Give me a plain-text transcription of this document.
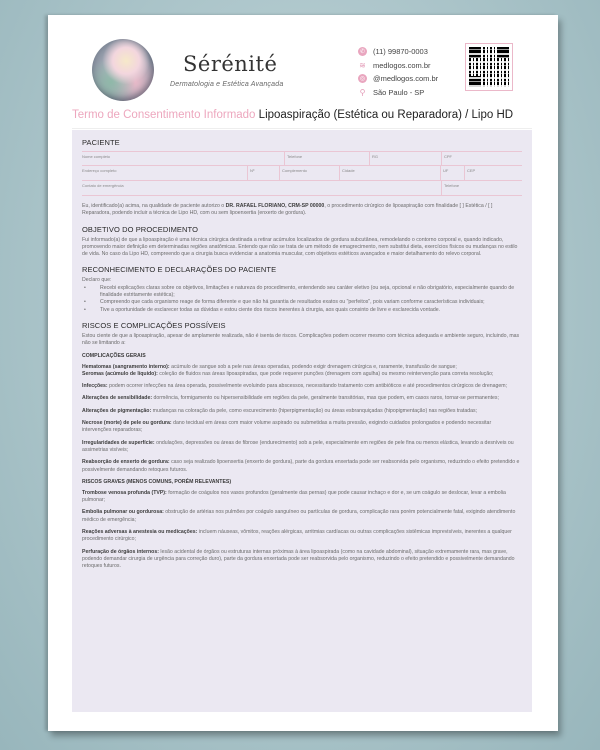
Sérénité
Dermatologia e Estética Avançada
✆ (11) 99870-0003
≋ medlogos.com.br
◎ @medlogos.com.br
⚲ São Paulo - SP
Termo de Consentimento Informado Lipoaspiração (Estética ou Reparadora) / Lipo HD
PACIENTE
Nome completo	Telefone	RG	CPF
Endereço completo	Nº	Complemento	Cidade	UF	CEP
Contato de emergência	Telefone

Eu, identificado(a) acima, na qualidade de paciente autorizo o DR. RAFAEL FLORIANO, CRM-SP 00000, o procedimento cirúrgico de lipoaspiração com finalidade [ ] Estética / [ ] Reparadora, podendo incluir a técnica de Lipo HD, com ou sem lipoenxertia (enxerto de gordura).

OBJETIVO DO PROCEDIMENTO

Fui informado(a) de que a lipoaspiração é uma técnica cirúrgica destinada a retirar acúmulos localizados de gordura subcutânea, remodelando o contorno corporal e, quando indicado, promovendo maior definição em determinadas regiões anatômicas. Entendo que não se trata de um método de emagrecimento, nem substitui dieta, exercícios físicos ou mudanças no estilo de vida. No caso da Lipo HD, compreendo que a cirurgia busca evidenciar a anatomia muscular, com objetivos estéticos avançados e maior detalhamento do relevo corporal.

RECONHECIMENTO E DECLARAÇÕES DO PACIENTE

Declaro que:

• Recebi explicações claras sobre os objetivos, limitações e natureza do procedimento, entendendo seu caráter eletivo (ou seja, opcional e não obrigatório, especialmente quando de finalidade estritamente estética);
• Compreendo que cada organismo reage de forma diferente e que não há garantia de resultados exatos ou "perfeitos", pois variam conforme características individuais;
• Tive a oportunidade de esclarecer todas as dúvidas e estou ciente dos riscos inerentes à cirurgia, aos quais consinto de livre e esclarecida vontade.
RISCOS E COMPLICAÇÕES POSSÍVEIS

Estou ciente de que a lipoaspiração, apesar de amplamente realizada, não é isenta de riscos. Complicações podem ocorrer mesmo com técnica adequada e ambiente seguro, incluindo, mas não se limitando a:

COMPLICAÇÕES GERAIS

Hematomas (sangramento interno): acúmulo de sangue sob a pele nas áreas operadas, podendo exigir drenagem cirúrgica e, raramente, transfusão de sangue;

Seromas (acúmulo de líquido): coleção de fluidos nas áreas lipoaspiradas, que pode requerer punções (drenagem com agulha) ou mesmo reintervenção para correta resolução;

Infecções: podem ocorrer infecções na área operada, possivelmente evoluindo para abscessos, necessitando tratamento com antibióticos e até procedimentos cirúrgicos de drenagem;

Alterações de sensibilidade: dormência, formigamento ou hipersensibilidade em regiões da pele, geralmente transitórias, mas que podem, em casos raros, tornar-se permanentes;

Alterações de pigmentação: mudanças na coloração da pele, como escurecimento (hiperpigmentação) ou áreas esbranquiçadas (hipopigmentação) nas regiões tratadas;

Necrose (morte) de pele ou gordura: dano tecidual em áreas com maior volume aspirado ou submetidas a muita pressão, exigindo cuidados prolongados e podendo necessitar intervenções reparadoras;

Irregularidades de superfície: ondulações, depressões ou áreas de fibrose (endurecimento) sob a pele, especialmente em regiões de pele fina ou menos elástica, levando a desníveis ou assimetrias visíveis;

Reabsorção de enxerto de gordura: caso seja realizado lipoenxertia (enxerto de gordura), parte da gordura enxertada pode ser reabsorvida pelo organismo, reduzindo o efeito pretendido e possivelmente demandando retoques futuros.

RISCOS GRAVES (MENOS COMUNS, PORÉM RELEVANTES)

Trombose venosa profunda (TVP): formação de coágulos nos vasos profundos (geralmente das pernas) que pode causar inchaço e dor e, se um coágulo se deslocar, levar a embolia pulmonar;

Embolia pulmonar ou gordurosa: obstrução de artérias nos pulmões por coágulo sanguíneo ou partículas de gordura, complicação rara porém potencialmente fatal, exigindo atendimento médico de emergência;

Reações adversas à anestesia ou medicações: incluem náuseas, vômitos, reações alérgicas, arritmias cardíacas ou outras complicações sistêmicas imprevisíveis, inerentes a qualquer procedimento cirúrgico;

Perfuração de órgãos internos: lesão acidental de órgãos ou estruturas internas próximas à área lipoaspirada (como na cavidade abdominal), situação extremamente rara, mas grave, podendo demandar cirurgia de urgência para correção duro), parte da gordura enxertada pode ser reabsorvida pelo organismo, reduzindo o efeito pretendido e possivelmente demandando retoques futuros.
